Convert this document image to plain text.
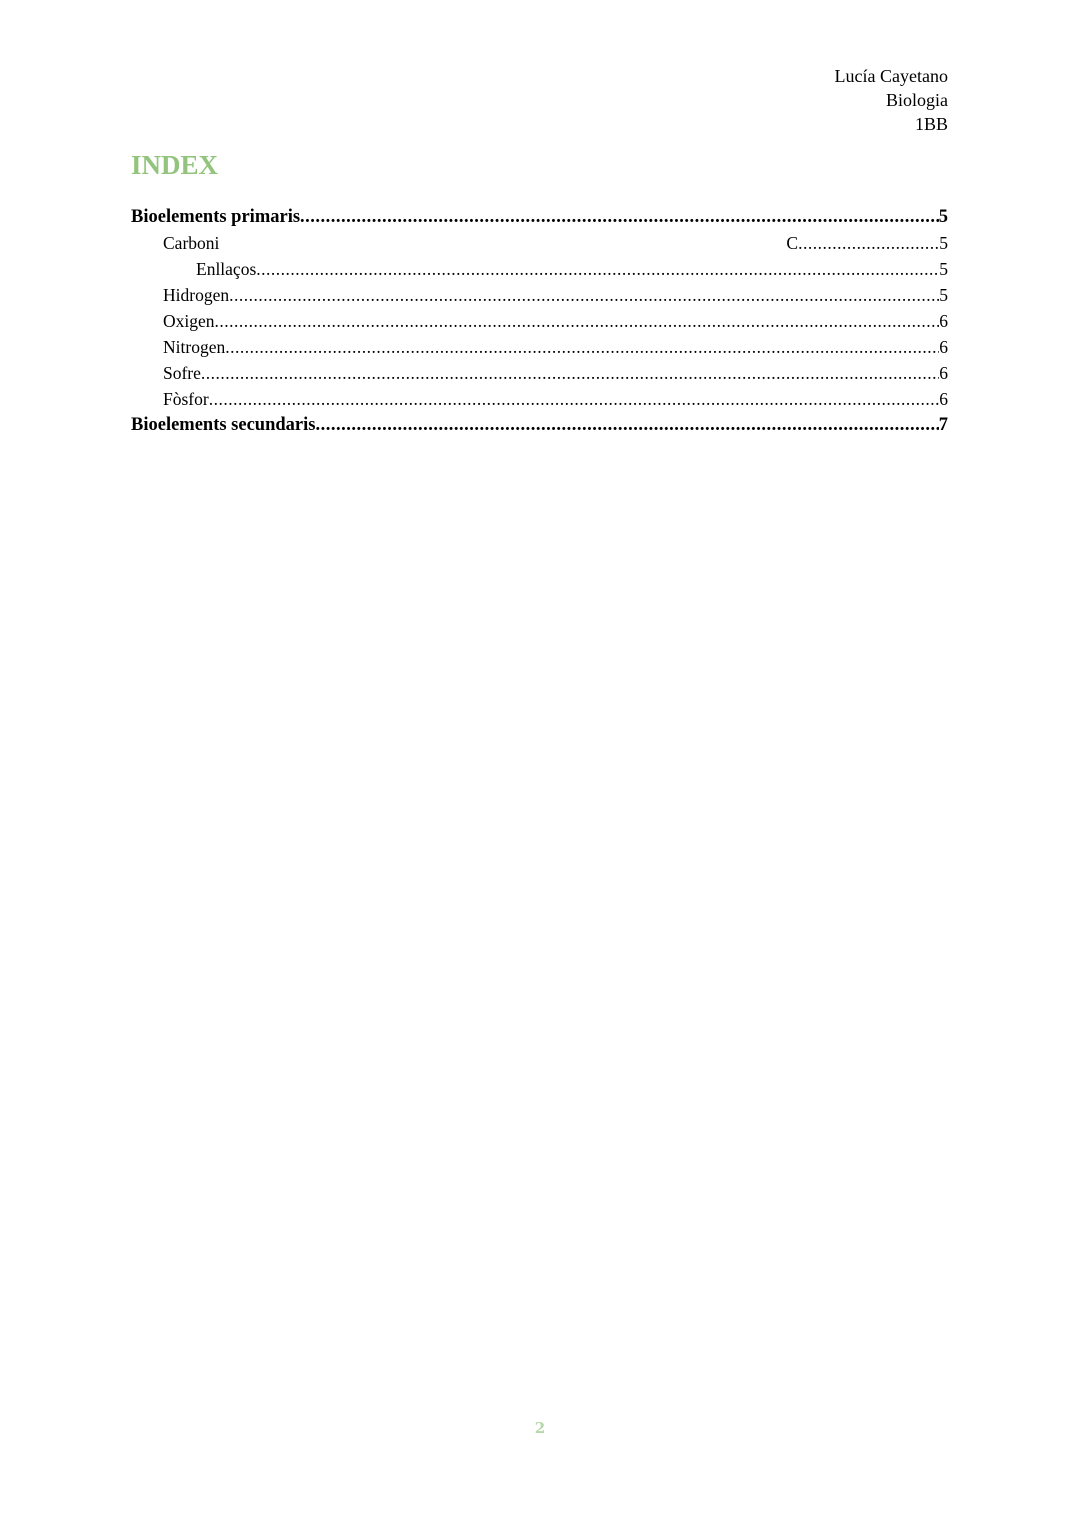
Lucía Cayetano
Biologia
1BB
INDEX
Bioelements primaris .....	5
Carboni	C .....	5
Enllaços .....	5
Hidrogen .....	5
Oxigen .....	6
Nitrogen .....	6
Sofre .....	6
Fòsfor .....	6
Bioelements secundaris .....	7
2
